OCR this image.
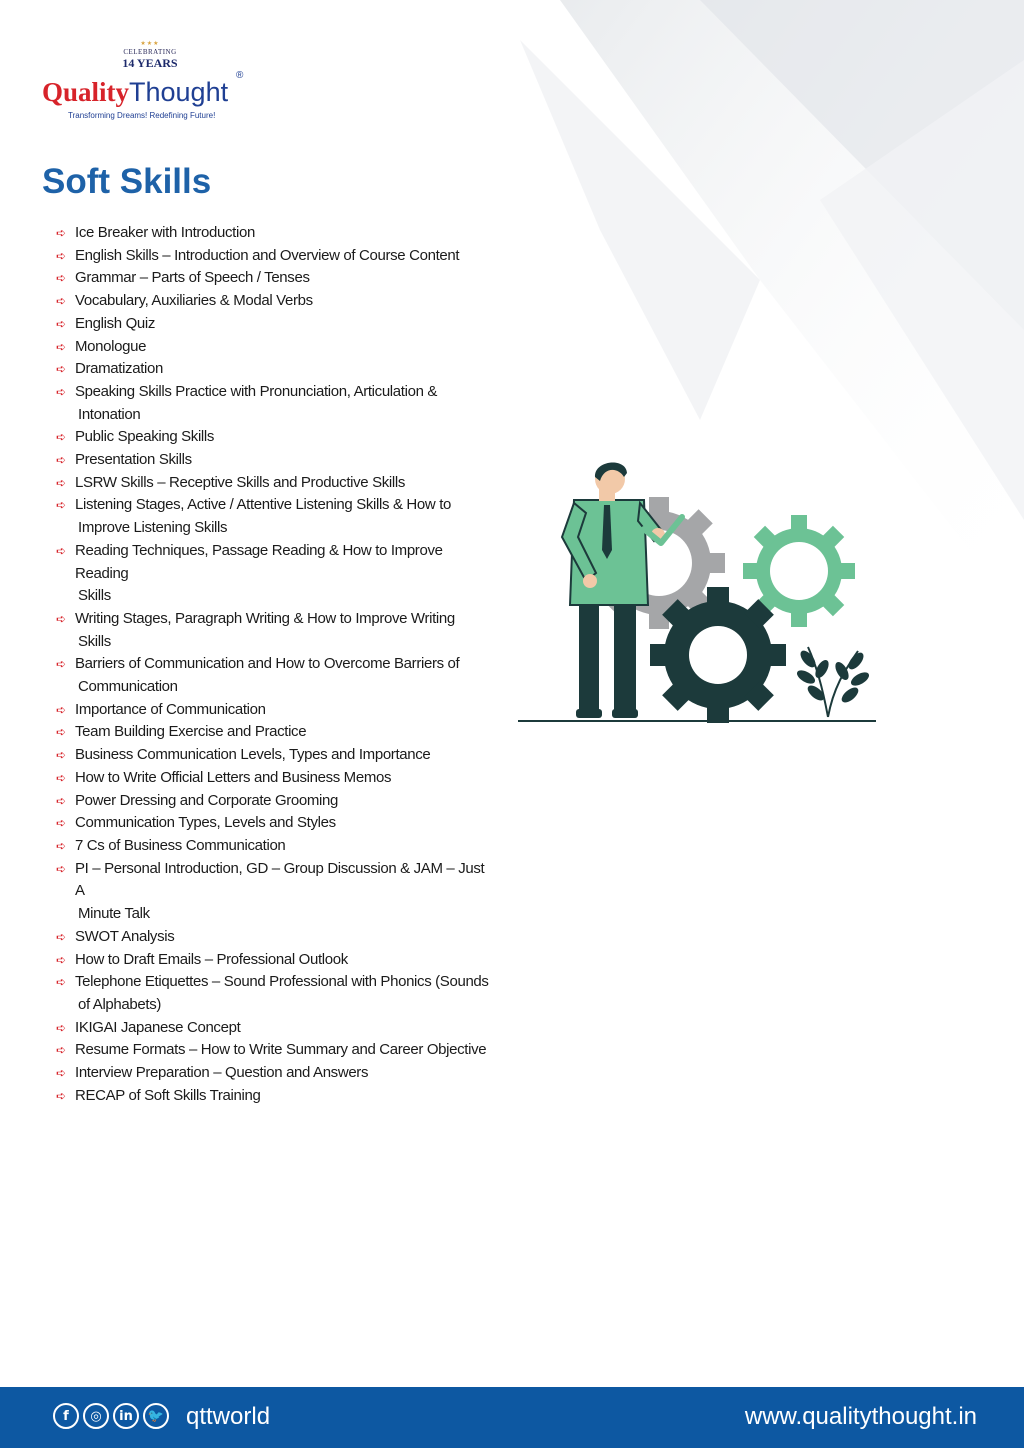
★★★
CELEBRATING
14 YEARS
QualityThought
®
Transforming Dreams! Redefining Future!
Soft Skills
➪ Ice Breaker with Introduction
➪ English Skills – Introduction and Overview of Course Content
➪ Grammar – Parts of Speech / Tenses
➪ Vocabulary, Auxiliaries & Modal Verbs
➪ English Quiz
➪ Monologue
➪ Dramatization
➪ Speaking Skills Practice with Pronunciation, Articulation &
Intonation
➪ Public Speaking Skills
➪ Presentation Skills
➪ LSRW Skills – Receptive Skills and Productive Skills
➪ Listening Stages, Active / Attentive Listening Skills & How to
Improve Listening Skills
➪ Reading Techniques, Passage Reading & How to Improve Reading
Skills
➪ Writing Stages, Paragraph Writing & How to Improve Writing
Skills
➪ Barriers of Communication and How to Overcome Barriers of
Communication
➪ Importance of Communication
➪ Team Building Exercise and Practice
➪ Business Communication Levels, Types and Importance
➪ How to Write Official Letters and Business Memos
➪ Power Dressing and Corporate Grooming
➪ Communication Types, Levels and Styles
➪ 7 Cs of Business Communication
➪ PI – Personal Introduction, GD – Group Discussion & JAM – Just A
Minute Talk
➪ SWOT Analysis
➪ How to Draft Emails – Professional Outlook
➪ Telephone Etiquettes – Sound Professional with Phonics (Sounds
of Alphabets)
➪ IKIGAI Japanese Concept
➪ Resume Formats – How to Write Summary and Career Objective
➪ Interview Preparation – Question and Answers
➪ RECAP of Soft Skills Training
f	◎	in	🐦 qttworld	www.qualitythought.in
